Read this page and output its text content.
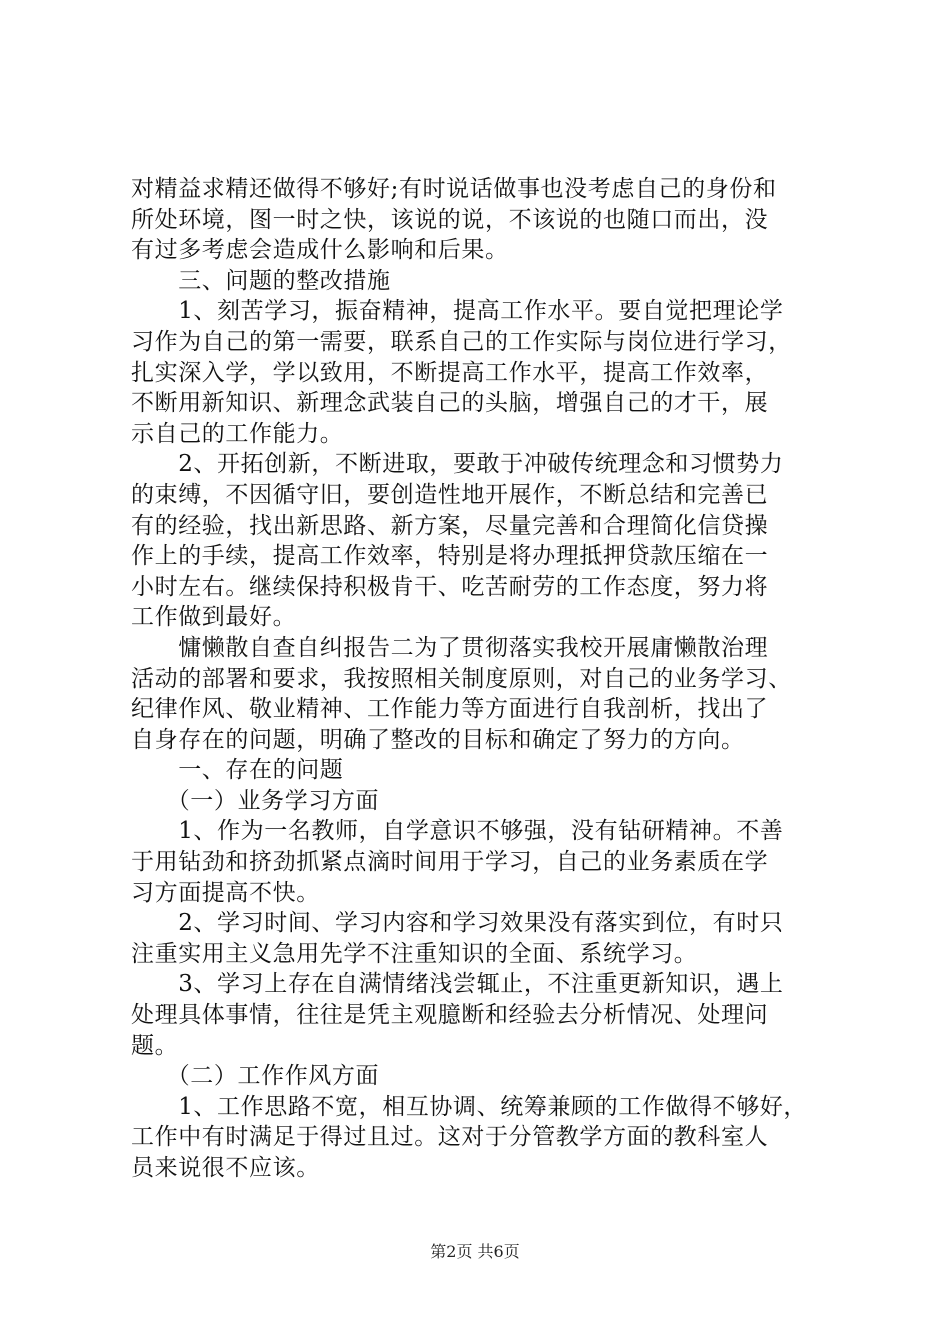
对精益求精还做得不够好;有时说话做事也没考虑自己的身份和
所处环境，图一时之快，该说的说，不该说的也随口而出，没
有过多考虑会造成什么影响和后果。
　　三、问题的整改措施
　　1、刻苦学习，振奋精神，提高工作水平。要自觉把理论学
习作为自己的第一需要，联系自己的工作实际与岗位进行学习，
扎实深入学，学以致用，不断提高工作水平，提高工作效率，
不断用新知识、新理念武装自己的头脑，增强自己的才干，展
示自己的工作能力。
　　2、开拓创新，不断进取，要敢于冲破传统理念和习惯势力
的束缚，不因循守旧，要创造性地开展作，不断总结和完善已
有的经验，找出新思路、新方案，尽量完善和合理简化信贷操
作上的手续，提高工作效率，特别是将办理抵押贷款压缩在一
小时左右。继续保持积极肯干、吃苦耐劳的工作态度，努力将
工作做到最好。
　　慵懒散自查自纠报告二为了贯彻落实我校开展庸懒散治理
活动的部署和要求，我按照相关制度原则，对自己的业务学习、
纪律作风、敬业精神、工作能力等方面进行自我剖析，找出了
自身存在的问题，明确了整改的目标和确定了努力的方向。
　　一、存在的问题
　　（一）业务学习方面
　　1、作为一名教师，自学意识不够强，没有钻研精神。不善
于用钻劲和挤劲抓紧点滴时间用于学习，自己的业务素质在学
习方面提高不快。
　　2、学习时间、学习内容和学习效果没有落实到位，有时只
注重实用主义急用先学不注重知识的全面、系统学习。
　　3、学习上存在自满情绪浅尝辄止，不注重更新知识，遇上
处理具体事情，往往是凭主观臆断和经验去分析情况、处理问
题。
　　（二）工作作风方面
　　1、工作思路不宽，相互协调、统筹兼顾的工作做得不够好，
工作中有时满足于得过且过。这对于分管教学方面的教科室人
员来说很不应该。
第2页 共6页
